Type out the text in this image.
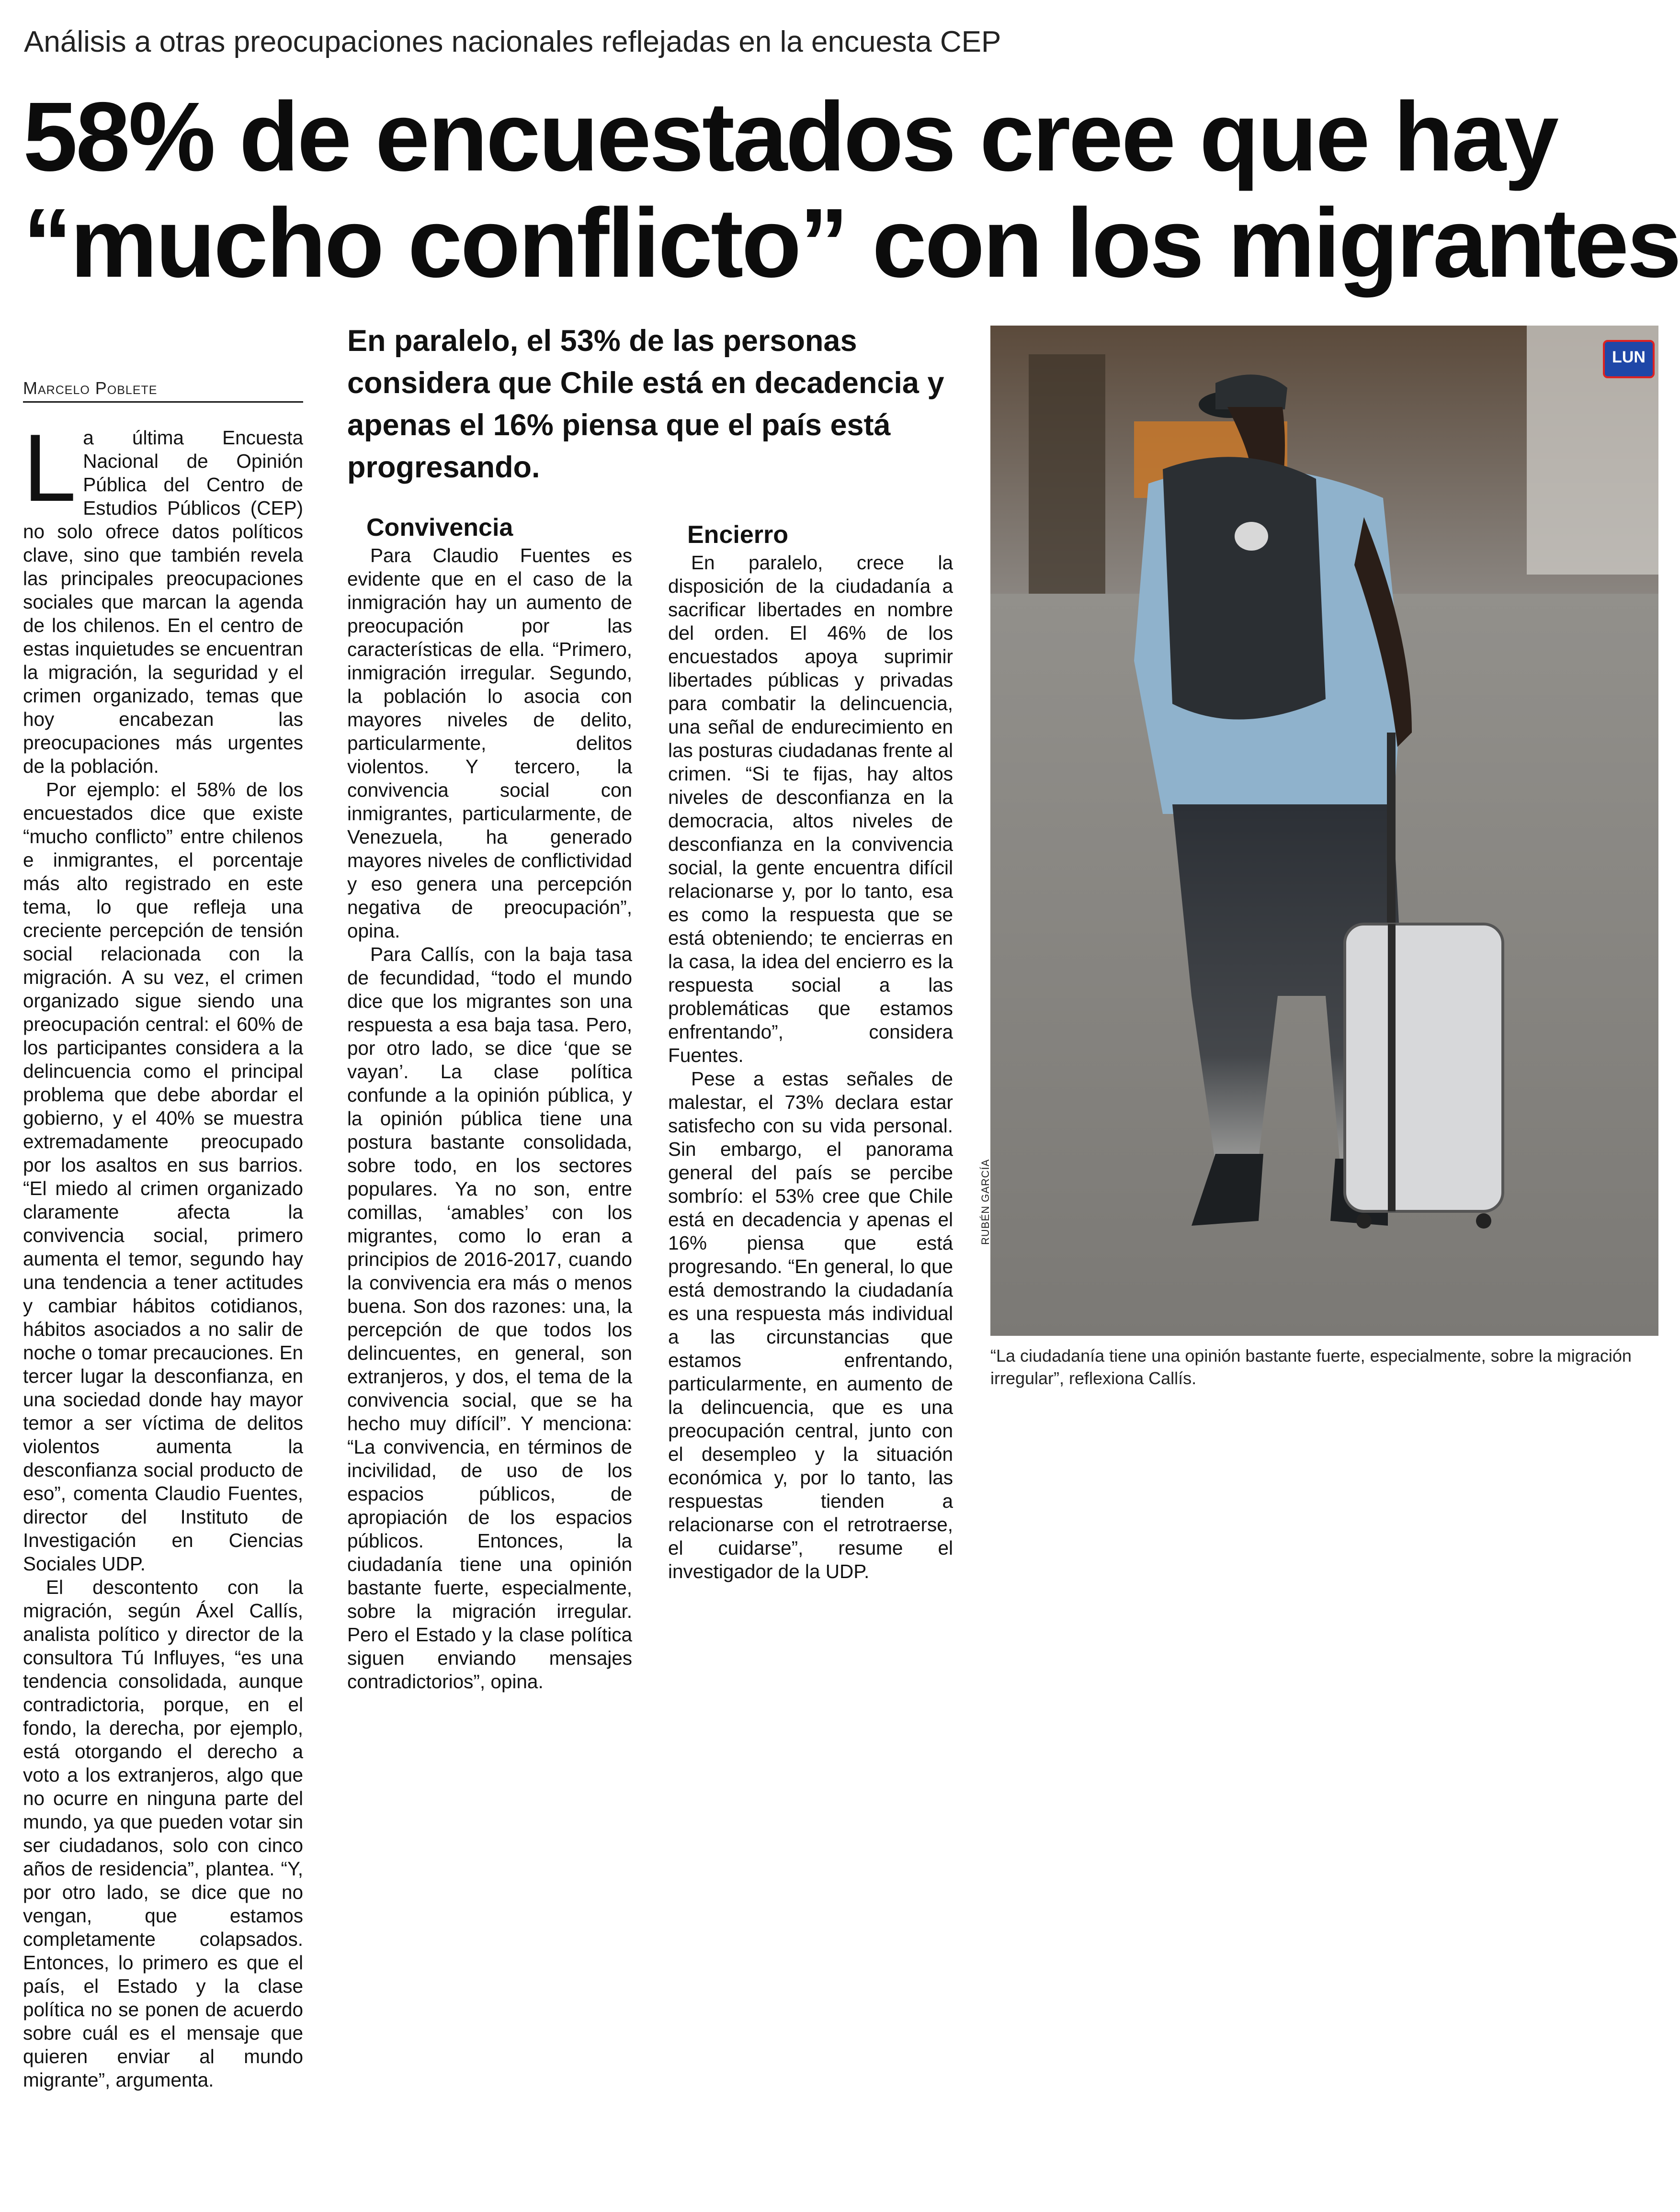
Análisis a otras preocupaciones nacionales reflejadas en la encuesta CEP
58% de encuestados cree que hay
“mucho conflicto” con los migrantes
Marcelo Poblete
En paralelo, el 53% de las personas considera que Chile está en decadencia y apenas el 16% piensa que el país está progresando.

La última Encuesta Nacional de Opinión Pública del Centro de Estudios Públicos (CEP) no solo ofrece datos políticos clave, sino que también revela las principales preocupaciones sociales que marcan la agenda de los chilenos. En el centro de estas inquietudes se encuentran la migración, la seguridad y el crimen organizado, temas que hoy encabezan las preocupaciones más urgentes de la población.

Por ejemplo: el 58% de los encuestados dice que existe “mucho conflicto” entre chilenos e inmigrantes, el porcentaje más alto registrado en este tema, lo que refleja una creciente percepción de tensión social relacionada con la migración. A su vez, el crimen organizado sigue siendo una preocupación central: el 60% de los participantes considera a la delincuencia como el principal problema que debe abordar el gobierno, y el 40% se muestra extremadamente preocupado por los asaltos en sus barrios. “El miedo al crimen organizado claramente afecta la convivencia social, primero aumenta el temor, segundo hay una tendencia a tener actitudes y cambiar hábitos cotidianos, hábitos asociados a no salir de noche o tomar precauciones. En tercer lugar la desconfianza, en una sociedad donde hay mayor temor a ser víctima de delitos violentos aumenta la desconfianza social producto de eso”, comenta Claudio Fuentes, director del Instituto de Investigación en Ciencias Sociales UDP.

El descontento con la migración, según Áxel Callís, analista político y director de la consultora Tú Influyes, “es una tendencia consolidada, aunque contradictoria, porque, en el fondo, la derecha, por ejemplo, está otorgando el derecho a voto a los extranjeros, algo que no ocurre en ninguna parte del mundo, ya que pueden votar sin ser ciudadanos, solo con cinco años de residencia”, plantea. “Y, por otro lado, se dice que no vengan, que estamos completamente colapsados. Entonces, lo primero es que el país, el Estado y la clase política no se ponen de acuerdo sobre cuál es el mensaje que quieren enviar al mundo migrante”, argumenta.

Convivencia

Para Claudio Fuentes es evidente que en el caso de la inmigración hay un aumento de preocupación por las características de ella. “Primero, inmigración irregular. Segundo, la población lo asocia con mayores niveles de delito, particularmente, delitos violentos. Y tercero, la convivencia social con inmigrantes, particularmente, de Venezuela, ha generado mayores niveles de conflictividad y eso genera una percepción negativa de preocupación”, opina.

Para Callís, con la baja tasa de fecundidad, “todo el mundo dice que los migrantes son una respuesta a esa baja tasa. Pero, por otro lado, se dice ‘que se vayan’. La clase política confunde a la opinión pública, y la opinión pública tiene una postura bastante consolidada, sobre todo, en los sectores populares. Ya no son, entre comillas, ‘amables’ con los migrantes, como lo eran a principios de 2016-2017, cuando la convivencia era más o menos buena. Son dos razones: una, la percepción de que todos los delincuentes, en general, son extranjeros, y dos, el tema de la convivencia social, que se ha hecho muy difícil”. Y menciona: “La convivencia, en términos de incivilidad, de uso de los espacios públicos, de apropiación de los espacios públicos. Entonces, la ciudadanía tiene una opinión bastante fuerte, especialmente, sobre la migración irregular. Pero el Estado y la clase política siguen enviando mensajes contradictorios”, opina.

Encierro

En paralelo, crece la disposición de la ciudadanía a sacrificar libertades en nombre del orden. El 46% de los encuestados apoya suprimir libertades públicas y privadas para combatir la delincuencia, una señal de endurecimiento en las posturas ciudadanas frente al crimen. “Si te fijas, hay altos niveles de desconfianza en la democracia, altos niveles de desconfianza en la convivencia social, la gente encuentra difícil relacionarse y, por lo tanto, esa es como la respuesta que se está obteniendo; te encierras en la casa, la idea del encierro es la respuesta social a las problemáticas que estamos enfrentando”, considera Fuentes.

Pese a estas señales de malestar, el 73% declara estar satisfecho con su vida personal. Sin embargo, el panorama general del país se percibe sombrío: el 53% cree que Chile está en decadencia y apenas el 16% piensa que está progresando. “En general, lo que está demostrando la ciudadanía es una respuesta más individual a las circunstancias que estamos enfrentando, particularmente, en aumento de la delincuencia, que es una preocupación central, junto con el desempleo y la situación económica y, por lo tanto, las respuestas tienden a relacionarse con el retrotraerse, el cuidarse”, resume el investigador de la UDP.

LUN
RUBÉN GARCÍA
“La ciudadanía tiene una opinión bastante fuerte, especialmente, sobre la migración irregular”, reflexiona Callís.
